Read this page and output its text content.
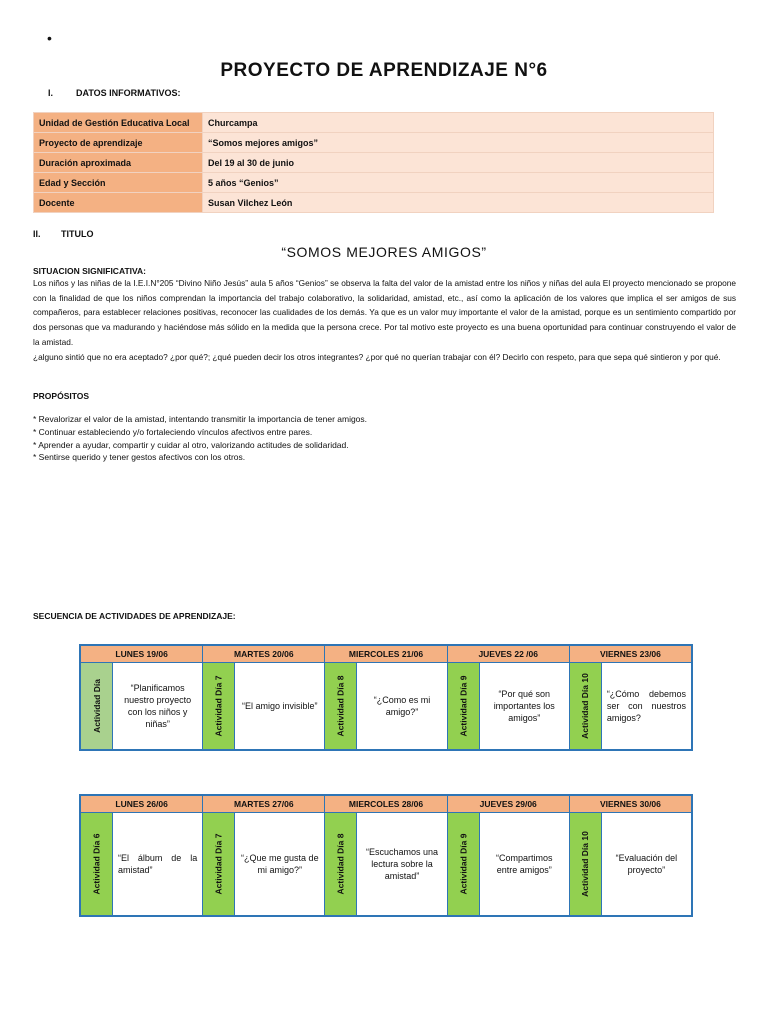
•
PROYECTO DE APRENDIZAJE N°6
I.	DATOS INFORMATIVOS:
Unidad de Gestión Educativa Local	Churcampa
Proyecto de aprendizaje	“Somos mejores amigos”
Duración aproximada	Del 19 al 30 de junio
Edad y Sección	5 años “Genios”
Docente	Susan Vilchez León
II. TITULO
“SOMOS MEJORES AMIGOS”
SITUACION SIGNIFICATIVA:
Los niños y las niñas de la I.E.I.N°205 “Divino Niño Jesús” aula 5 años “Genios” se observa la falta del valor de la amistad entre los niños y niñas del aula El proyecto mencionado se propone con la finalidad de que los niños comprendan la importancia del trabajo colaborativo, la solidaridad, amistad, etc., así como la aplicación de los valores que implica el ser amigos de sus compañeros, para establecer relaciones positivas, reconocer las cualidades de los demás. Ya que es un valor muy importante el valor de la amistad, porque es un sentimiento compartido por dos personas que va madurando y haciéndose más sólido en la medida que la persona crece. Por tal motivo este proyecto es una buena oportunidad para continuar construyendo el valor de la amistad.
¿alguno sintió que no era aceptado? ¿por qué?; ¿qué pueden decir los otros integrantes? ¿por qué no querían trabajar con él? Decirlo con respeto, para que sepa qué sintieron y por qué.
PROPÓSITOS
* Revalorizar el valor de la amistad, intentando transmitir la importancia de tener amigos.
* Continuar estableciendo y/o fortaleciendo vínculos afectivos entre pares.
* Aprender a ayudar, compartir y cuidar al otro, valorizando actitudes de solidaridad.
* Sentirse querido y tener gestos afectivos con los otros.
SECUENCIA DE ACTIVIDADES DE APRENDIZAJE:
LUNES 19/06	MARTES 20/06	MIERCOLES 21/06	JUEVES 22 /06	VIERNES 23/06
Actividad Día	“Planificamos nuestro proyecto con los niños y niñas”	Actividad Día 7	“El amigo invisible”	Actividad Día 8	“¿Como es mi amigo?”	Actividad Día 9	“Por qué son importantes los amigos”	Actividad Día 10	“¿Cómo debemos ser con nuestros amigos?
LUNES 26/06	MARTES 27/06	MIERCOLES 28/06	JUEVES 29/06	VIERNES 30/06
Actividad Día 6	“El álbum de la amistad”	Actividad Día 7	“¿Que me gusta de mi amigo?”	Actividad Día 8	“Escuchamos una lectura sobre la amistad”	Actividad Día 9	“Compartimos entre amigos”	Actividad Día 10	“Evaluación del proyecto”
